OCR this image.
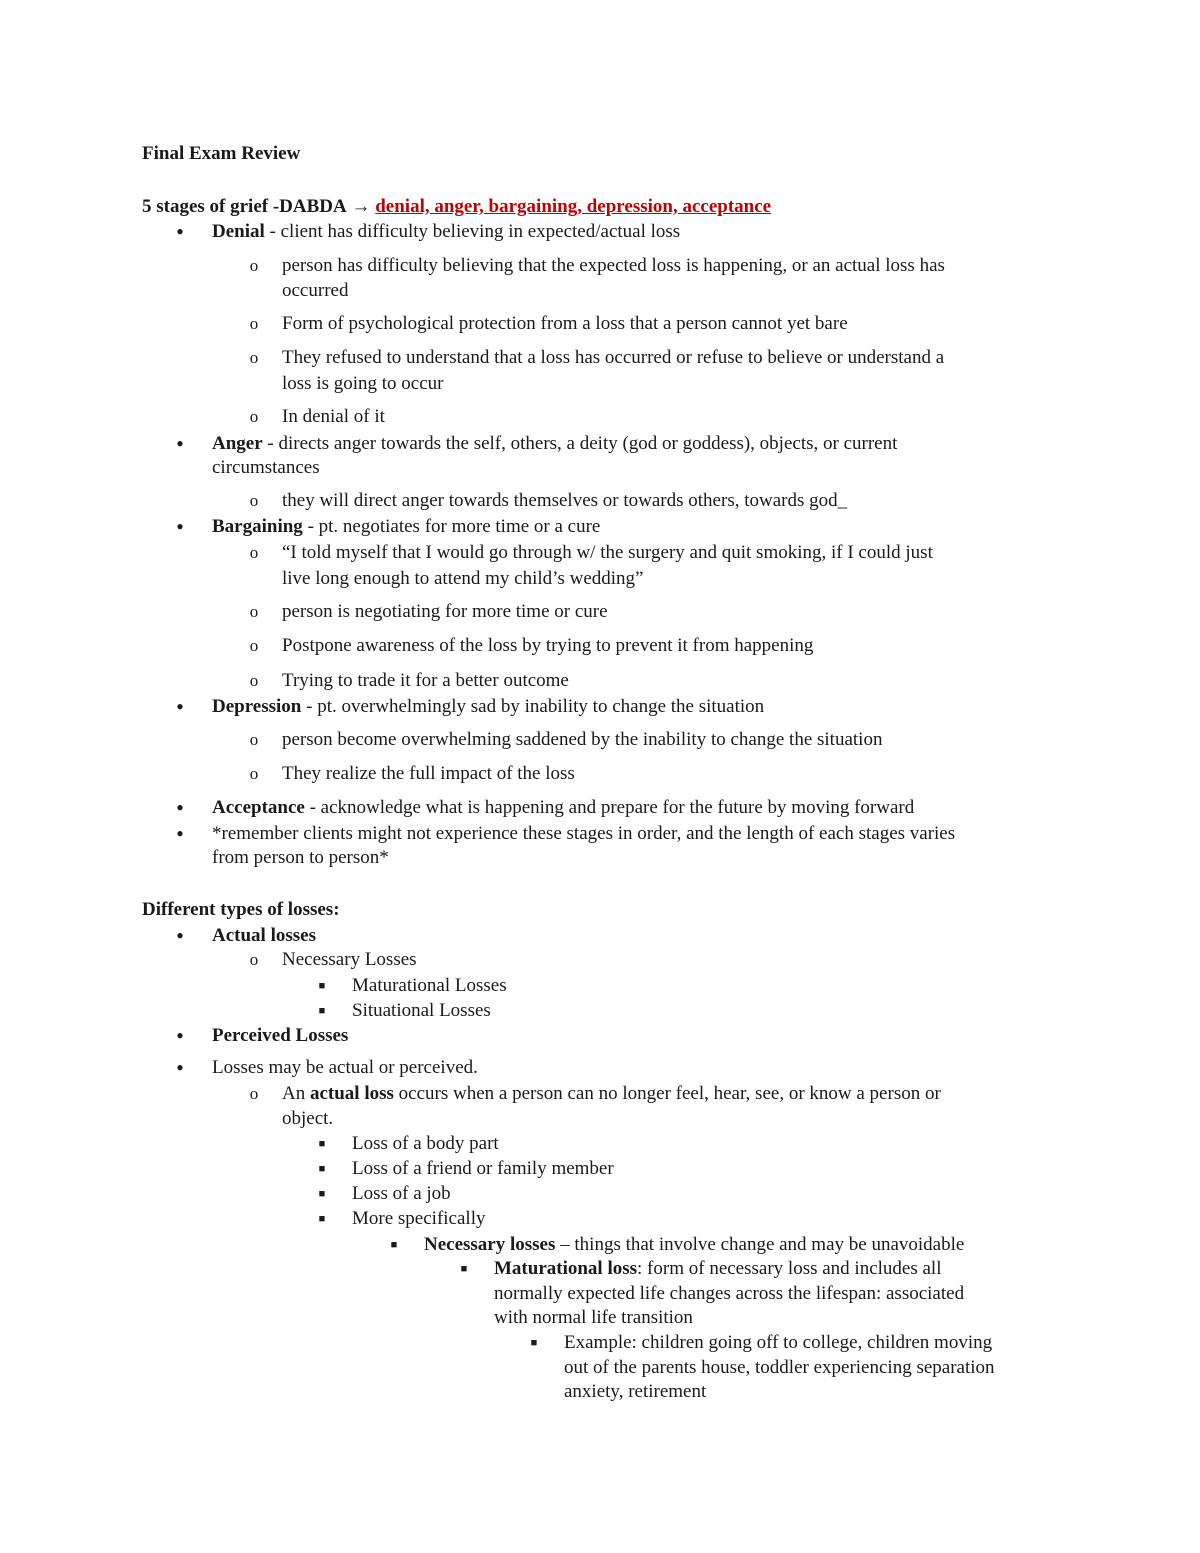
Final Exam Review
5 stages of grief -DABDA → denial, anger, bargaining, depression, acceptance
• Denial - client has difficulty believing in expected/actual loss
o person has difficulty believing that the expected loss is happening, or an actual loss has
occurred
o Form of psychological protection from a loss that a person cannot yet bare
o They refused to understand that a loss has occurred or refuse to believe or understand a
loss is going to occur
o In denial of it
• Anger - directs anger towards the self, others, a deity (god or goddess), objects, or current
circumstances
o they will direct anger towards themselves or towards others, towards god_
• Bargaining - pt. negotiates for more time or a cure
o “I told myself that I would go through w/ the surgery and quit smoking, if I could just
live long enough to attend my child’s wedding”
o person is negotiating for more time or cure
o Postpone awareness of the loss by trying to prevent it from happening
o Trying to trade it for a better outcome
• Depression - pt. overwhelmingly sad by inability to change the situation
o person become overwhelming saddened by the inability to change the situation
o They realize the full impact of the loss
• Acceptance - acknowledge what is happening and prepare for the future by moving forward
• *remember clients might not experience these stages in order, and the length of each stages varies
from person to person*
Different types of losses:
• Actual losses
o Necessary Losses
■ Maturational Losses
■ Situational Losses
• Perceived Losses
• Losses may be actual or perceived.
o An actual loss occurs when a person can no longer feel, hear, see, or know a person or
object.
■ Loss of a body part
■ Loss of a friend or family member
■ Loss of a job
■ More specifically
■ Necessary losses – things that involve change and may be unavoidable
■ Maturational loss: form of necessary loss and includes all
normally expected life changes across the lifespan: associated
with normal life transition
■ Example: children going off to college, children moving
out of the parents house, toddler experiencing separation
anxiety, retirement
